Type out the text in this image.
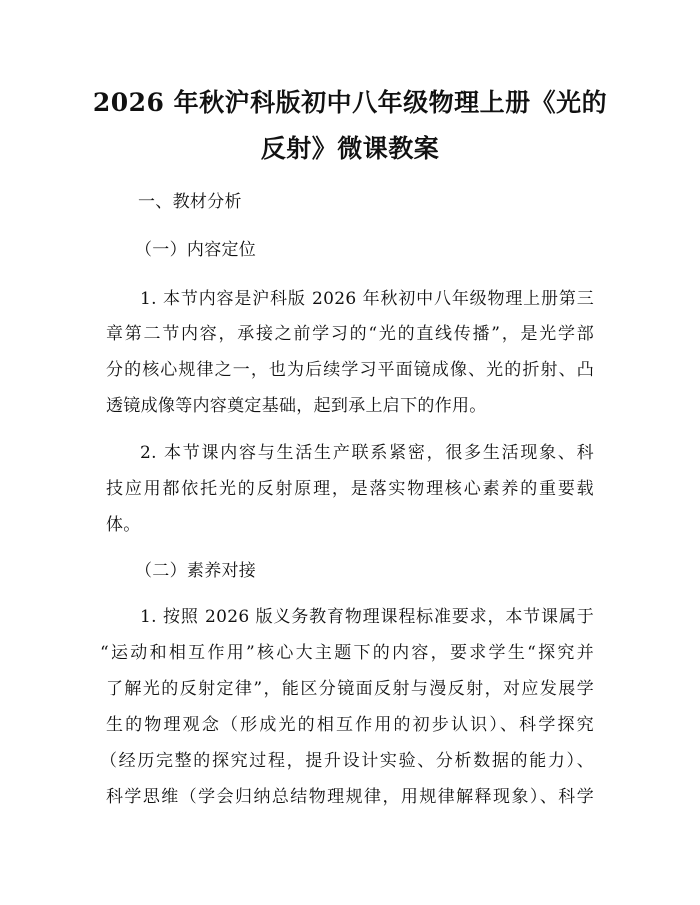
2026 年秋沪科版初中八年级物理上册《光的
反射》微课教案
一、教材分析
（一）内容定位
1. 本节内容是沪科版 2026 年秋初中八年级物理上册第三
章第二节内容，承接之前学习的“光的直线传播”，是光学部
分的核心规律之一，也为后续学习平面镜成像、光的折射、凸
透镜成像等内容奠定基础，起到承上启下的作用。
2. 本节课内容与生活生产联系紧密，很多生活现象、科
技应用都依托光的反射原理，是落实物理核心素养的重要载
体。
（二）素养对接
1. 按照 2026 版义务教育物理课程标准要求，本节课属于
“运动和相互作用”核心大主题下的内容，要求学生“探究并
了解光的反射定律”，能区分镜面反射与漫反射，对应发展学
生的物理观念（形成光的相互作用的初步认识）、科学探究
（经历完整的探究过程，提升设计实验、分析数据的能力）、
科学思维（学会归纳总结物理规律，用规律解释现象）、科学
